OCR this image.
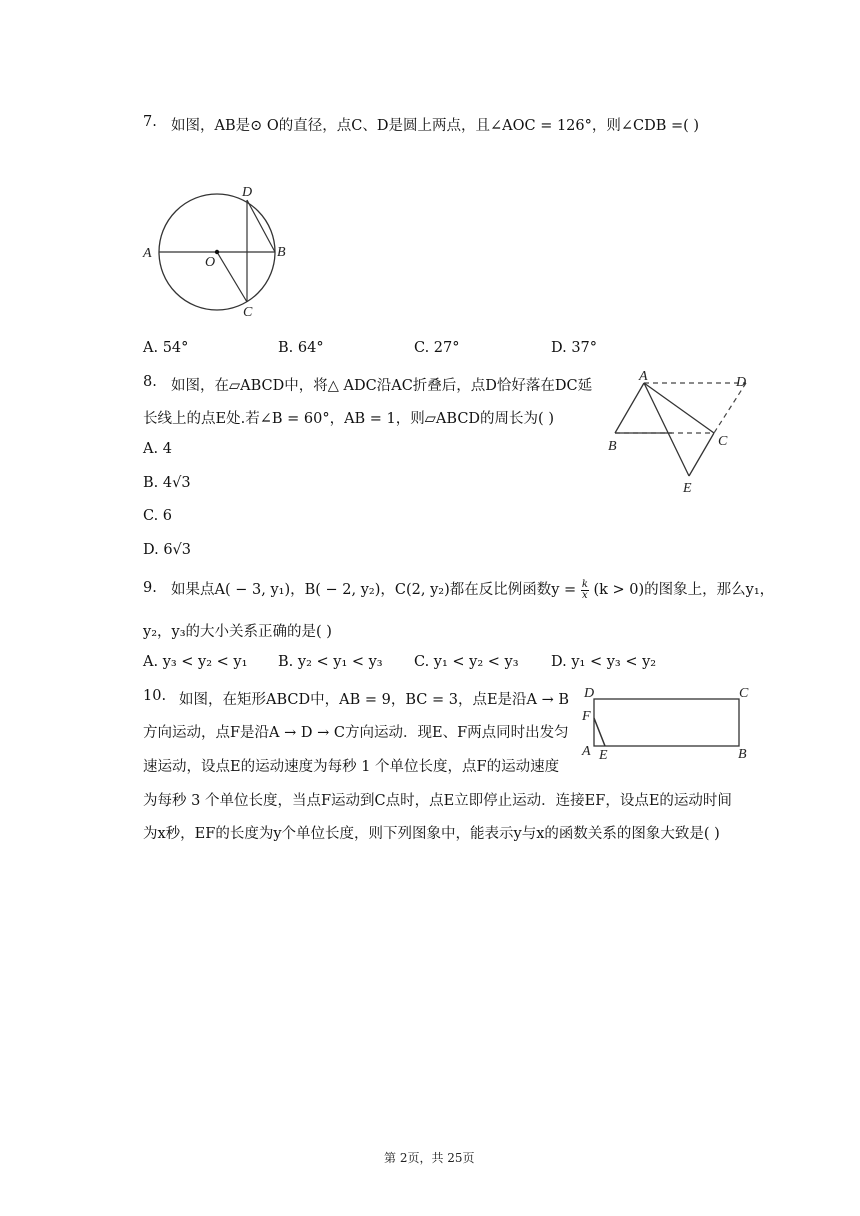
7. 如图，AB是⊙ O的直径，点C、D是圆上两点，且∠AOC = 126°，则∠CDB =( )
A
O
B
D
C
A. 54°	B. 64°	C. 27°	D. 37°
8. 如图，在▱ABCD中，将△ ADC沿AC折叠后，点D恰好落在DC延
长线上的点E处.若∠B = 60°，AB = 1，则▱ABCD的周长为( )
A. 4
B. 4√3
C. 6
D. 6√3
A	D
B	C
E
9. 如果点A( − 3, y₁)，B( − 2, y₂)，C(2, y₂)都在反比例函数$y = \frac{k}{x} (k > 0)$的图象上，那么y₁，
y₂，y₃的大小关系正确的是( )
A. y₃ < y₂ < y₁ B. y₂ < y₁ < y₃ C. y₁ < y₂ < y₃ D. y₁ < y₃ < y₂
10. 如图，在矩形ABCD中，AB = 9，BC = 3，点E是沿A → B
方向运动，点F是沿A → D → C方向运动．现E、F两点同时出发匀
速运动，设点E的运动速度为每秒 1 个单位长度，点F的运动速度
为每秒 3 个单位长度，当点F运动到C点时，点E立即停止运动．连接EF，设点E的运动时间
为x秒，EF的长度为y个单位长度，则下列图象中，能表示y与x的函数关系的图象大致是( )
D	C
F
A E	B
第 2页，共 25页
